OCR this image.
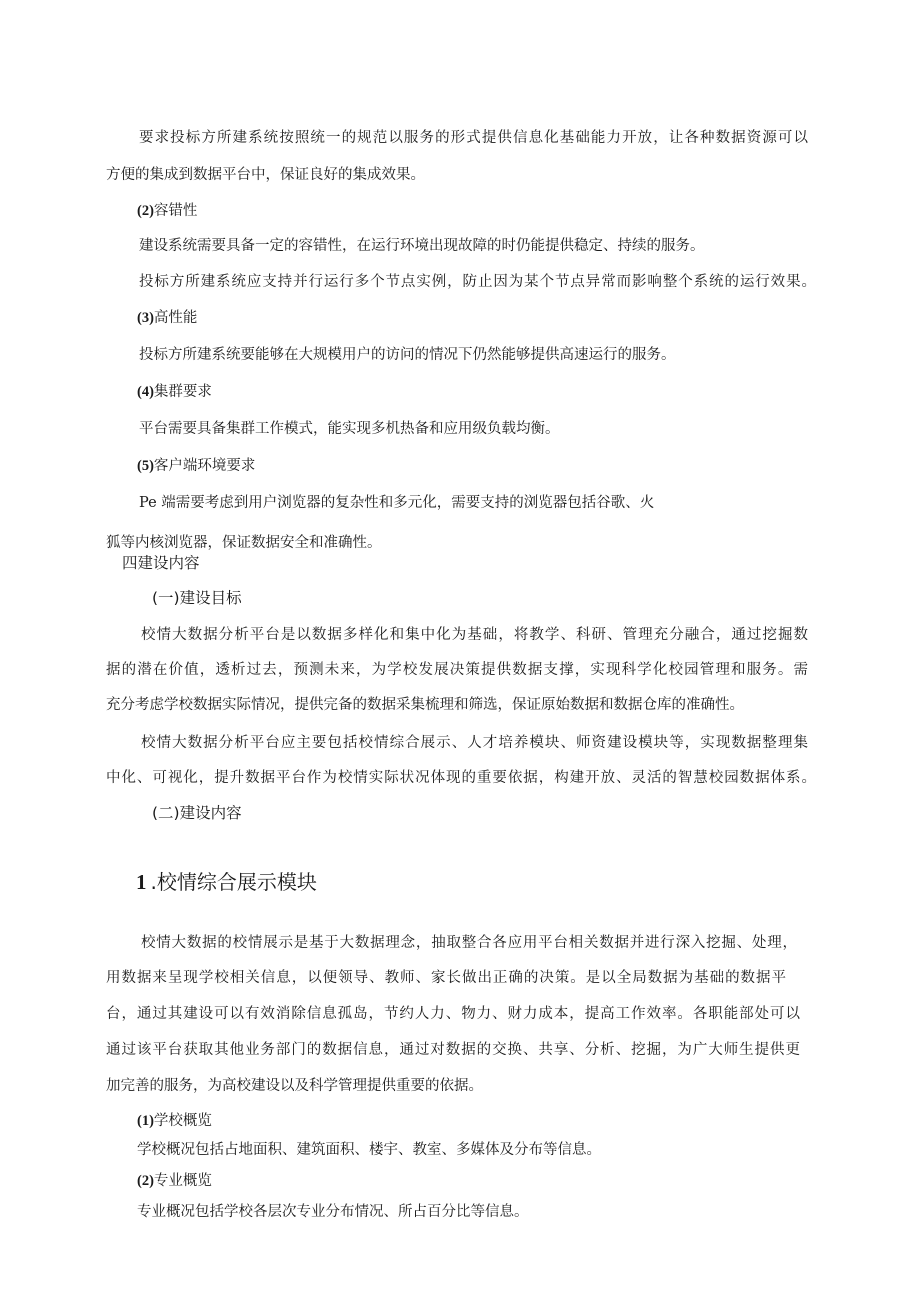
要求投标方所建系统按照统一的规范以服务的形式提供信息化基础能力开放，让各种数据资源可以
方便的集成到数据平台中，保证良好的集成效果。
(2)容错性
建设系统需要具备一定的容错性，在运行环境出现故障的时仍能提供稳定、持续的服务。
投标方所建系统应支持并行运行多个节点实例，防止因为某个节点异常而影响整个系统的运行效果。
(3)高性能
投标方所建系统要能够在大规模用户的访问的情况下仍然能够提供高速运行的服务。
(4)集群要求
平台需要具备集群工作模式，能实现多机热备和应用级负载均衡。
(5)客户端环境要求
Pe 端需要考虑到用户浏览器的复杂性和多元化，需要支持的浏览器包括谷歌、火
狐等内核浏览器，保证数据安全和准确性。
四建设内容
(一)建设目标
校情大数据分析平台是以数据多样化和集中化为基础，将教学、科研、管理充分融合，通过挖掘数
据的潜在价值，透析过去，预测未来，为学校发展决策提供数据支撑，实现科学化校园管理和服务。需
充分考虑学校数据实际情况，提供完备的数据采集梳理和筛选，保证原始数据和数据仓库的准确性。
校情大数据分析平台应主要包括校情综合展示、人才培养模块、师资建设模块等，实现数据整理集
中化、可视化，提升数据平台作为校情实际状况体现的重要依据，构建开放、灵活的智慧校园数据体系。
(二)建设内容
1 .校情综合展示模块
校情大数据的校情展示是基于大数据理念，抽取整合各应用平台相关数据并进行深入挖掘、处理，
用数据来呈现学校相关信息，以便领导、教师、家长做出正确的决策。是以全局数据为基础的数据平
台，通过其建设可以有效消除信息孤岛，节约人力、物力、财力成本，提高工作效率。各职能部处可以
通过该平台获取其他业务部门的数据信息，通过对数据的交换、共享、分析、挖掘，为广大师生提供更
加完善的服务，为高校建设以及科学管理提供重要的依据。
(1)学校概览
学校概况包括占地面积、建筑面积、楼宇、教室、多媒体及分布等信息。
(2)专业概览
专业概况包括学校各层次专业分布情况、所占百分比等信息。
